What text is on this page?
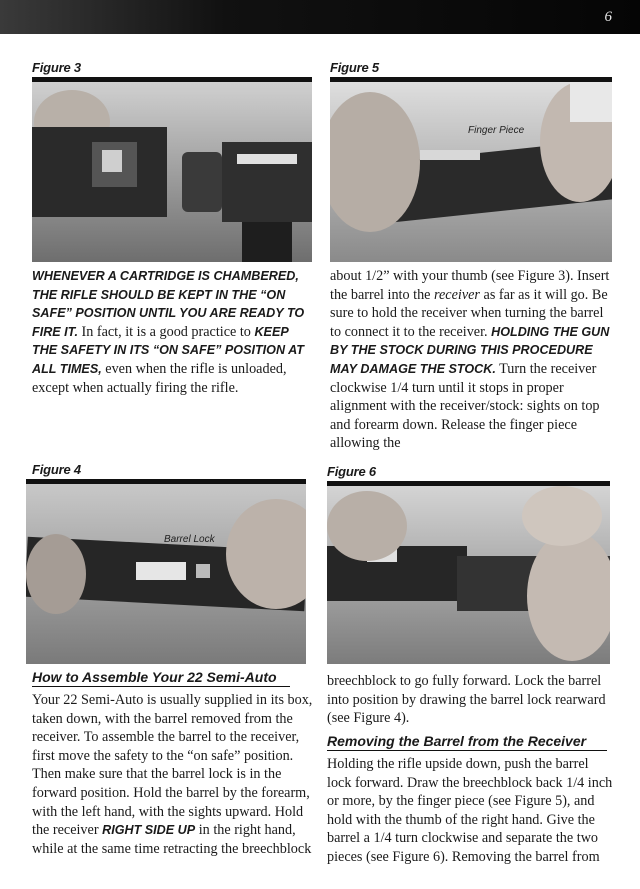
6
Figure 3	Figure 5
Finger Piece
WHENEVER A CARTRIDGE IS CHAMBERED, THE RIFLE SHOULD BE KEPT IN THE “ON SAFE” POSITION UNTIL YOU ARE READY TO FIRE IT. In fact, it is a good practice to KEEP THE SAFETY IN ITS “ON SAFE” POSITION AT ALL TIMES, even when the rifle is unloaded, except when actually firing the rifle.
about 1/2” with your thumb (see Figure 3). Insert the barrel into the receiver as far as it will go. Be sure to hold the receiver when turning the barrel to connect it to the receiver. HOLDING THE GUN BY THE STOCK DURING THIS PROCEDURE MAY DAMAGE THE STOCK. Turn the receiver clockwise 1/4 turn until it stops in proper alignment with the receiver/stock: sights on top and forearm down. Release the finger piece allowing the
Figure 4
Barrel Lock
Figure 6
How to Assemble Your 22 Semi-Auto
Your 22 Semi-Auto is usually supplied in its box, taken down, with the barrel removed from the receiver. To assemble the barrel to the receiver, first move the safety to the “on safe” position. Then make sure that the barrel lock is in the forward position. Hold the barrel by the forearm, with the left hand, with the sights upward. Hold the receiver RIGHT SIDE UP in the right hand, while at the same time retracting the breechblock
breechblock to go fully forward. Lock the barrel into position by drawing the barrel lock rearward (see Figure 4).
Removing the Barrel from the Receiver
Holding the rifle upside down, push the barrel lock forward. Draw the breechblock back 1/4 inch or more, by the finger piece (see Figure 5), and hold with the thumb of the right hand. Give the barrel a 1/4 turn clockwise and separate the two pieces (see Figure 6). Removing the barrel from
